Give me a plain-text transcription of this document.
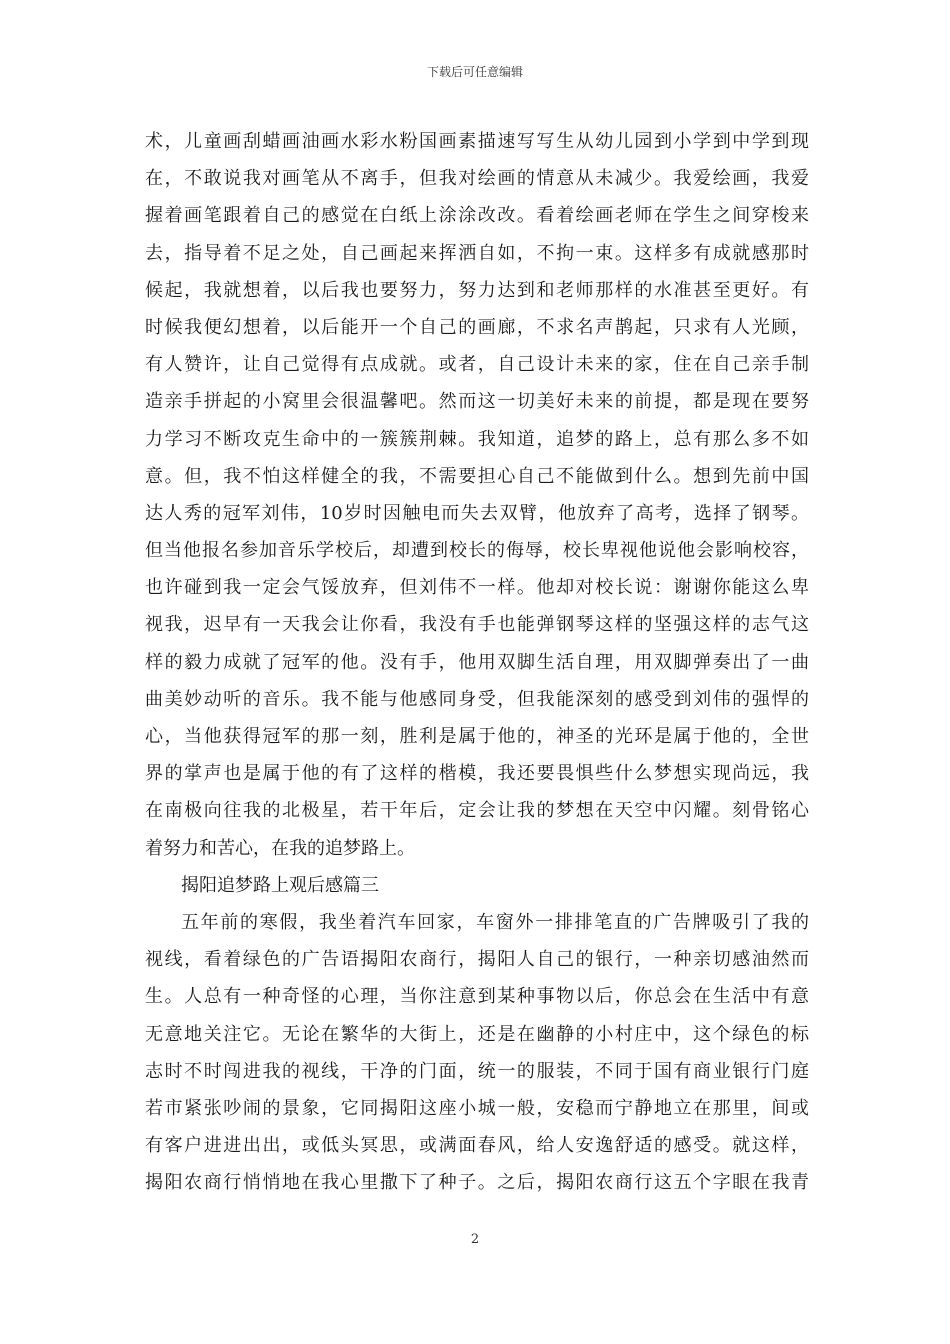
下载后可任意编辑
术，儿童画刮蜡画油画水彩水粉国画素描速写写生从幼儿园到小学到中学到现
在，不敢说我对画笔从不离手，但我对绘画的情意从未减少。我爱绘画，我爱
握着画笔跟着自己的感觉在白纸上涂涂改改。看着绘画老师在学生之间穿梭来
去，指导着不足之处，自己画起来挥洒自如，不拘一束。这样多有成就感那时
候起，我就想着，以后我也要努力，努力达到和老师那样的水准甚至更好。有
时候我便幻想着，以后能开一个自己的画廊，不求名声鹊起，只求有人光顾，
有人赞许，让自己觉得有点成就。或者，自己设计未来的家，住在自己亲手制
造亲手拼起的小窝里会很温馨吧。然而这一切美好未来的前提，都是现在要努
力学习不断攻克生命中的一簇簇荆棘。我知道，追梦的路上，总有那么多不如
意。但，我不怕这样健全的我，不需要担心自己不能做到什么。想到先前中国
达人秀的冠军刘伟，10岁时因触电而失去双臂，他放弃了高考，选择了钢琴。
但当他报名参加音乐学校后，却遭到校长的侮辱，校长卑视他说他会影响校容，
也许碰到我一定会气馁放弃，但刘伟不一样。他却对校长说：谢谢你能这么卑
视我，迟早有一天我会让你看，我没有手也能弹钢琴这样的坚强这样的志气这
样的毅力成就了冠军的他。没有手，他用双脚生活自理，用双脚弹奏出了一曲
曲美妙动听的音乐。我不能与他感同身受，但我能深刻的感受到刘伟的强悍的
心，当他获得冠军的那一刻，胜利是属于他的，神圣的光环是属于他的，全世
界的掌声也是属于他的有了这样的楷模，我还要畏惧些什么梦想实现尚远，我
在南极向往我的北极星，若干年后，定会让我的梦想在天空中闪耀。刻骨铭心
着努力和苦心，在我的追梦路上。
揭阳追梦路上观后感篇三
五年前的寒假，我坐着汽车回家，车窗外一排排笔直的广告牌吸引了我的
视线，看着绿色的广告语揭阳农商行，揭阳人自己的银行，一种亲切感油然而
生。人总有一种奇怪的心理，当你注意到某种事物以后，你总会在生活中有意
无意地关注它。无论在繁华的大街上，还是在幽静的小村庄中，这个绿色的标
志时不时闯进我的视线，干净的门面，统一的服装，不同于国有商业银行门庭
若市紧张吵闹的景象，它同揭阳这座小城一般，安稳而宁静地立在那里，间或
有客户进进出出，或低头冥思，或满面春风，给人安逸舒适的感受。就这样，
揭阳农商行悄悄地在我心里撒下了种子。之后，揭阳农商行这五个字眼在我青
2
